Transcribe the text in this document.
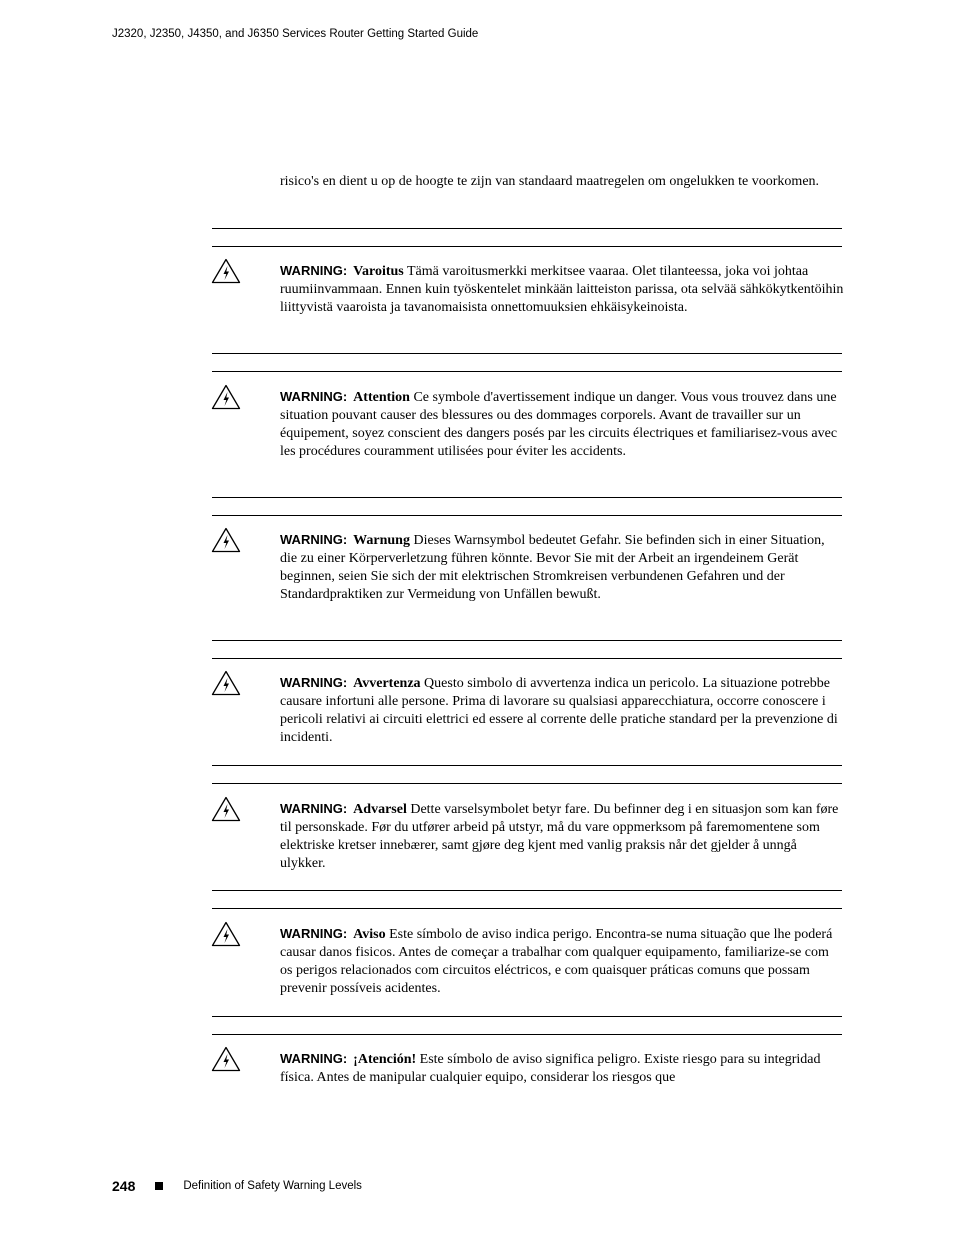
J2320, J2350, J4350, and J6350 Services Router Getting Started Guide
risico's en dient u op de hoogte te zijn van standaard maatregelen om ongelukken te voorkomen.
WARNING: Varoitus Tämä varoitusmerkki merkitsee vaaraa. Olet tilanteessa, joka voi johtaa ruumiinvammaan. Ennen kuin työskentelet minkään laitteiston parissa, ota selvää sähkökytkentöihin liittyvistä vaaroista ja tavanomaisista onnettomuuksien ehkäisykeinoista.
WARNING: Attention Ce symbole d'avertissement indique un danger. Vous vous trouvez dans une situation pouvant causer des blessures ou des dommages corporels. Avant de travailler sur un équipement, soyez conscient des dangers posés par les circuits électriques et familiarisez-vous avec les procédures couramment utilisées pour éviter les accidents.
WARNING: Warnung Dieses Warnsymbol bedeutet Gefahr. Sie befinden sich in einer Situation, die zu einer Körperverletzung führen könnte. Bevor Sie mit der Arbeit an irgendeinem Gerät beginnen, seien Sie sich der mit elektrischen Stromkreisen verbundenen Gefahren und der Standardpraktiken zur Vermeidung von Unfällen bewußt.
WARNING: Avvertenza Questo simbolo di avvertenza indica un pericolo. La situazione potrebbe causare infortuni alle persone. Prima di lavorare su qualsiasi apparecchiatura, occorre conoscere i pericoli relativi ai circuiti elettrici ed essere al corrente delle pratiche standard per la prevenzione di incidenti.
WARNING: Advarsel Dette varselsymbolet betyr fare. Du befinner deg i en situasjon som kan føre til personskade. Før du utfører arbeid på utstyr, må du vare oppmerksom på faremomentene som elektriske kretser innebærer, samt gjøre deg kjent med vanlig praksis når det gjelder å unngå ulykker.
WARNING: Aviso Este símbolo de aviso indica perigo. Encontra-se numa situação que lhe poderá causar danos fisicos. Antes de começar a trabalhar com qualquer equipamento, familiarize-se com os perigos relacionados com circuitos eléctricos, e com quaisquer práticas comuns que possam prevenir possíveis acidentes.
WARNING: ¡Atención! Este símbolo de aviso significa peligro. Existe riesgo para su integridad física. Antes de manipular cualquier equipo, considerar los riesgos que
248	Definition of Safety Warning Levels
